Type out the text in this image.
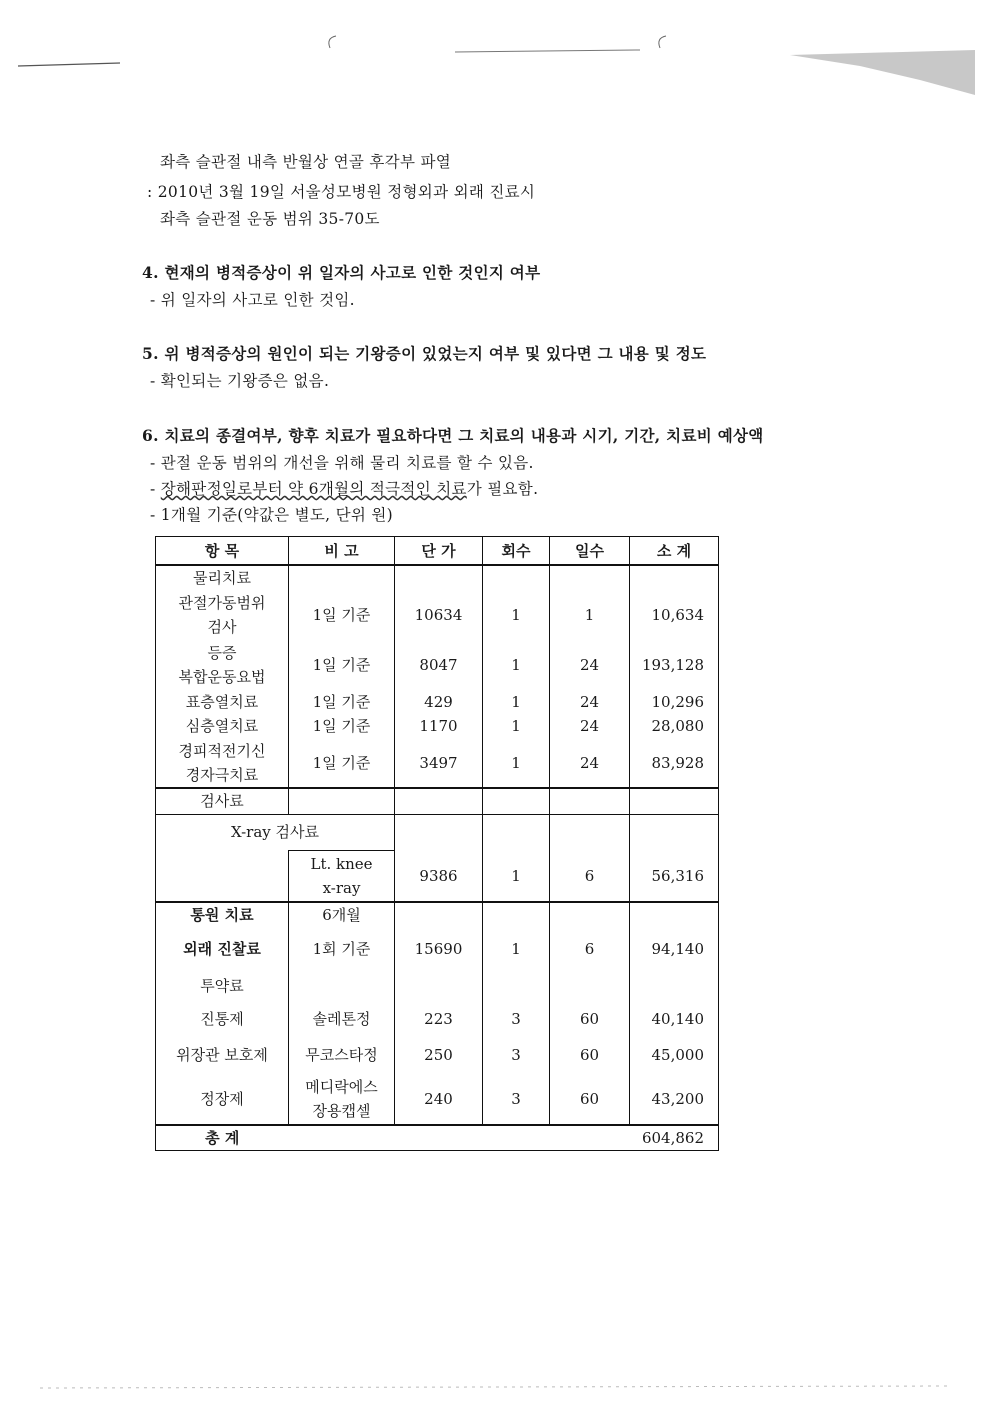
좌측 슬관절 내측 반월상 연골 후각부 파열
: 2010년 3월 19일 서울성모병원 정형외과 외래 진료시
좌측 슬관절 운동 범위 35-70도
4. 현재의 병적증상이 위 일자의 사고로 인한 것인지 여부
- 위 일자의 사고로 인한 것임.
5. 위 병적증상의 원인이 되는 기왕증이 있었는지 여부 및 있다면 그 내용 및 정도
- 확인되는 기왕증은 없음.
6. 치료의 종결여부, 향후 치료가 필요하다면 그 치료의 내용과 시기, 기간, 치료비 예상액
- 관절 운동 범위의 개선을 위해 물리 치료를 할 수 있음.
- 장해판정일로부터 약 6개월의 적극적인 치료가 필요함.
- 1개월 기준(약값은 별도, 단위 원)
항 목	비 고	단 가	회수	일수	소 계
물리치료					

관절가동범위
검사	1일 기준	10634	1	1	10,634

등증
복합운동요법	1일 기준	8047	1	24	193,128
표층열치료	1일 기준	429	1	24	10,296
심층열치료	1일 기준	1170	1	24	28,080

경피적전기신
경자극치료	1일 기준	3497	1	24	83,928
검사료					
X-ray 검사료					

	Lt. knee
x-ray	9386	1	6	56,316
통원 치료	6개월				
외래 진찰료	1회 기준	15690	1	6	94,140
투약료					
진통제	솔레톤정	223	3	60	40,140
위장관 보호제	무코스타정	250	3	60	45,000
정장제	메디락에스
장용캡셀	240	3	60	43,200
총 계					604,862
